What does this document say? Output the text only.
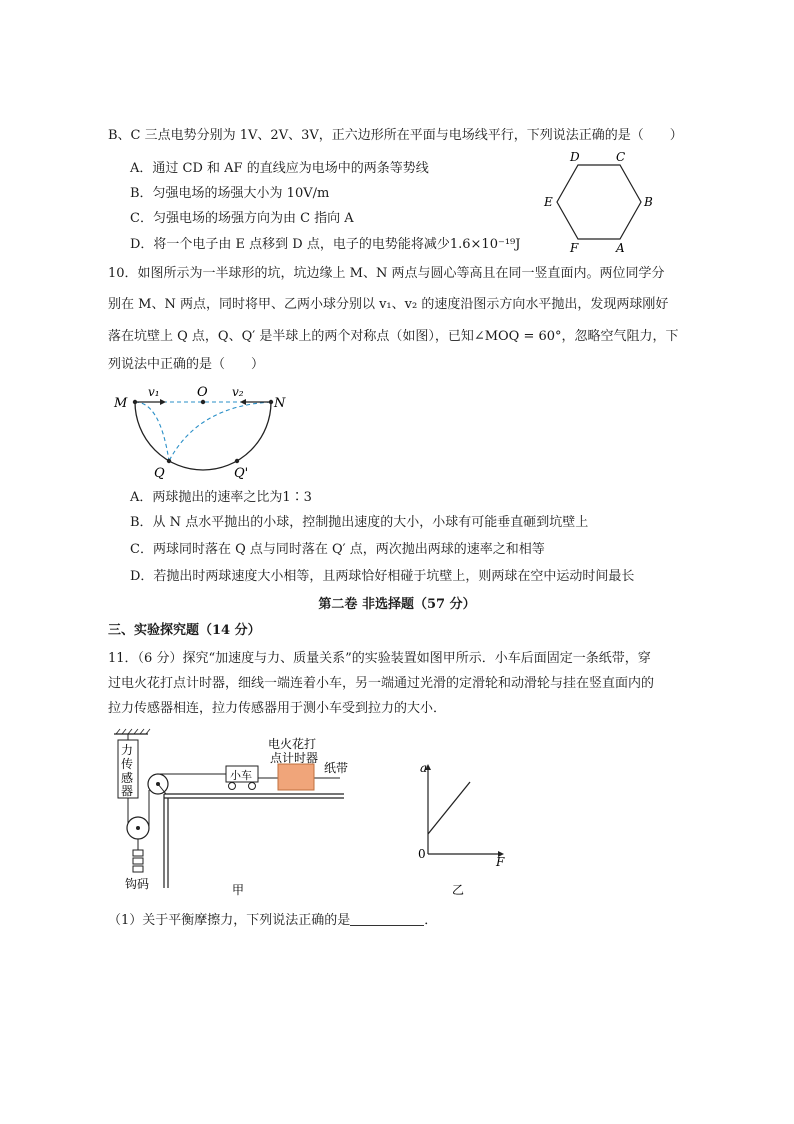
B、C 三点电势分别为 1V、2V、3V，正六边形所在平面与电场线平行，下列说法正确的是（　　）
A．通过 CD 和 AF 的直线应为电场中的两条等势线
B．匀强电场的场强大小为 10V/m
C．匀强电场的场强方向为由 C 指向 A
D．将一个电子由 E 点移到 D 点，电子的电势能将减少1.6×10⁻¹⁹J
D	C
E	B
F	A
10．如图所示为一半球形的坑，坑边缘上 M、N 两点与圆心等高且在同一竖直面内。两位同学分
别在 M、N 两点，同时将甲、乙两小球分别以 v₁、v₂ 的速度沿图示方向水平抛出，发现两球刚好
落在坑壁上 Q 点，Q、Q′ 是半球上的两个对称点（如图），已知∠MOQ = 60°，忽略空气阻力，下
列说法中正确的是（　　）
M
O
N
v₁	v₂
Q	Q'
A．两球抛出的速率之比为1∶3
B．从 N 点水平抛出的小球，控制抛出速度的大小，小球有可能垂直砸到坑壁上
C．两球同时落在 Q 点与同时落在 Q′ 点，两次抛出两球的速率之和相等
D．若抛出时两球速度大小相等，且两球恰好相碰于坑壁上，则两球在空中运动时间最长
第二卷 非选择题（57 分）
三、实验探究题（14 分）
11．（6 分）探究“加速度与力、质量关系”的实验装置如图甲所示．小车后面固定一条纸带，穿
过电火花打点计时器，细线一端连着小车，另一端通过光滑的定滑轮和动滑轮与挂在竖直面内的
拉力传感器相连，拉力传感器用于测小车受到拉力的大小．
力
传
感
器
钩码
小车
电火花打
点计时器
纸带
甲
a
F
0
乙
（1）关于平衡摩擦力，下列说法正确的是	．
